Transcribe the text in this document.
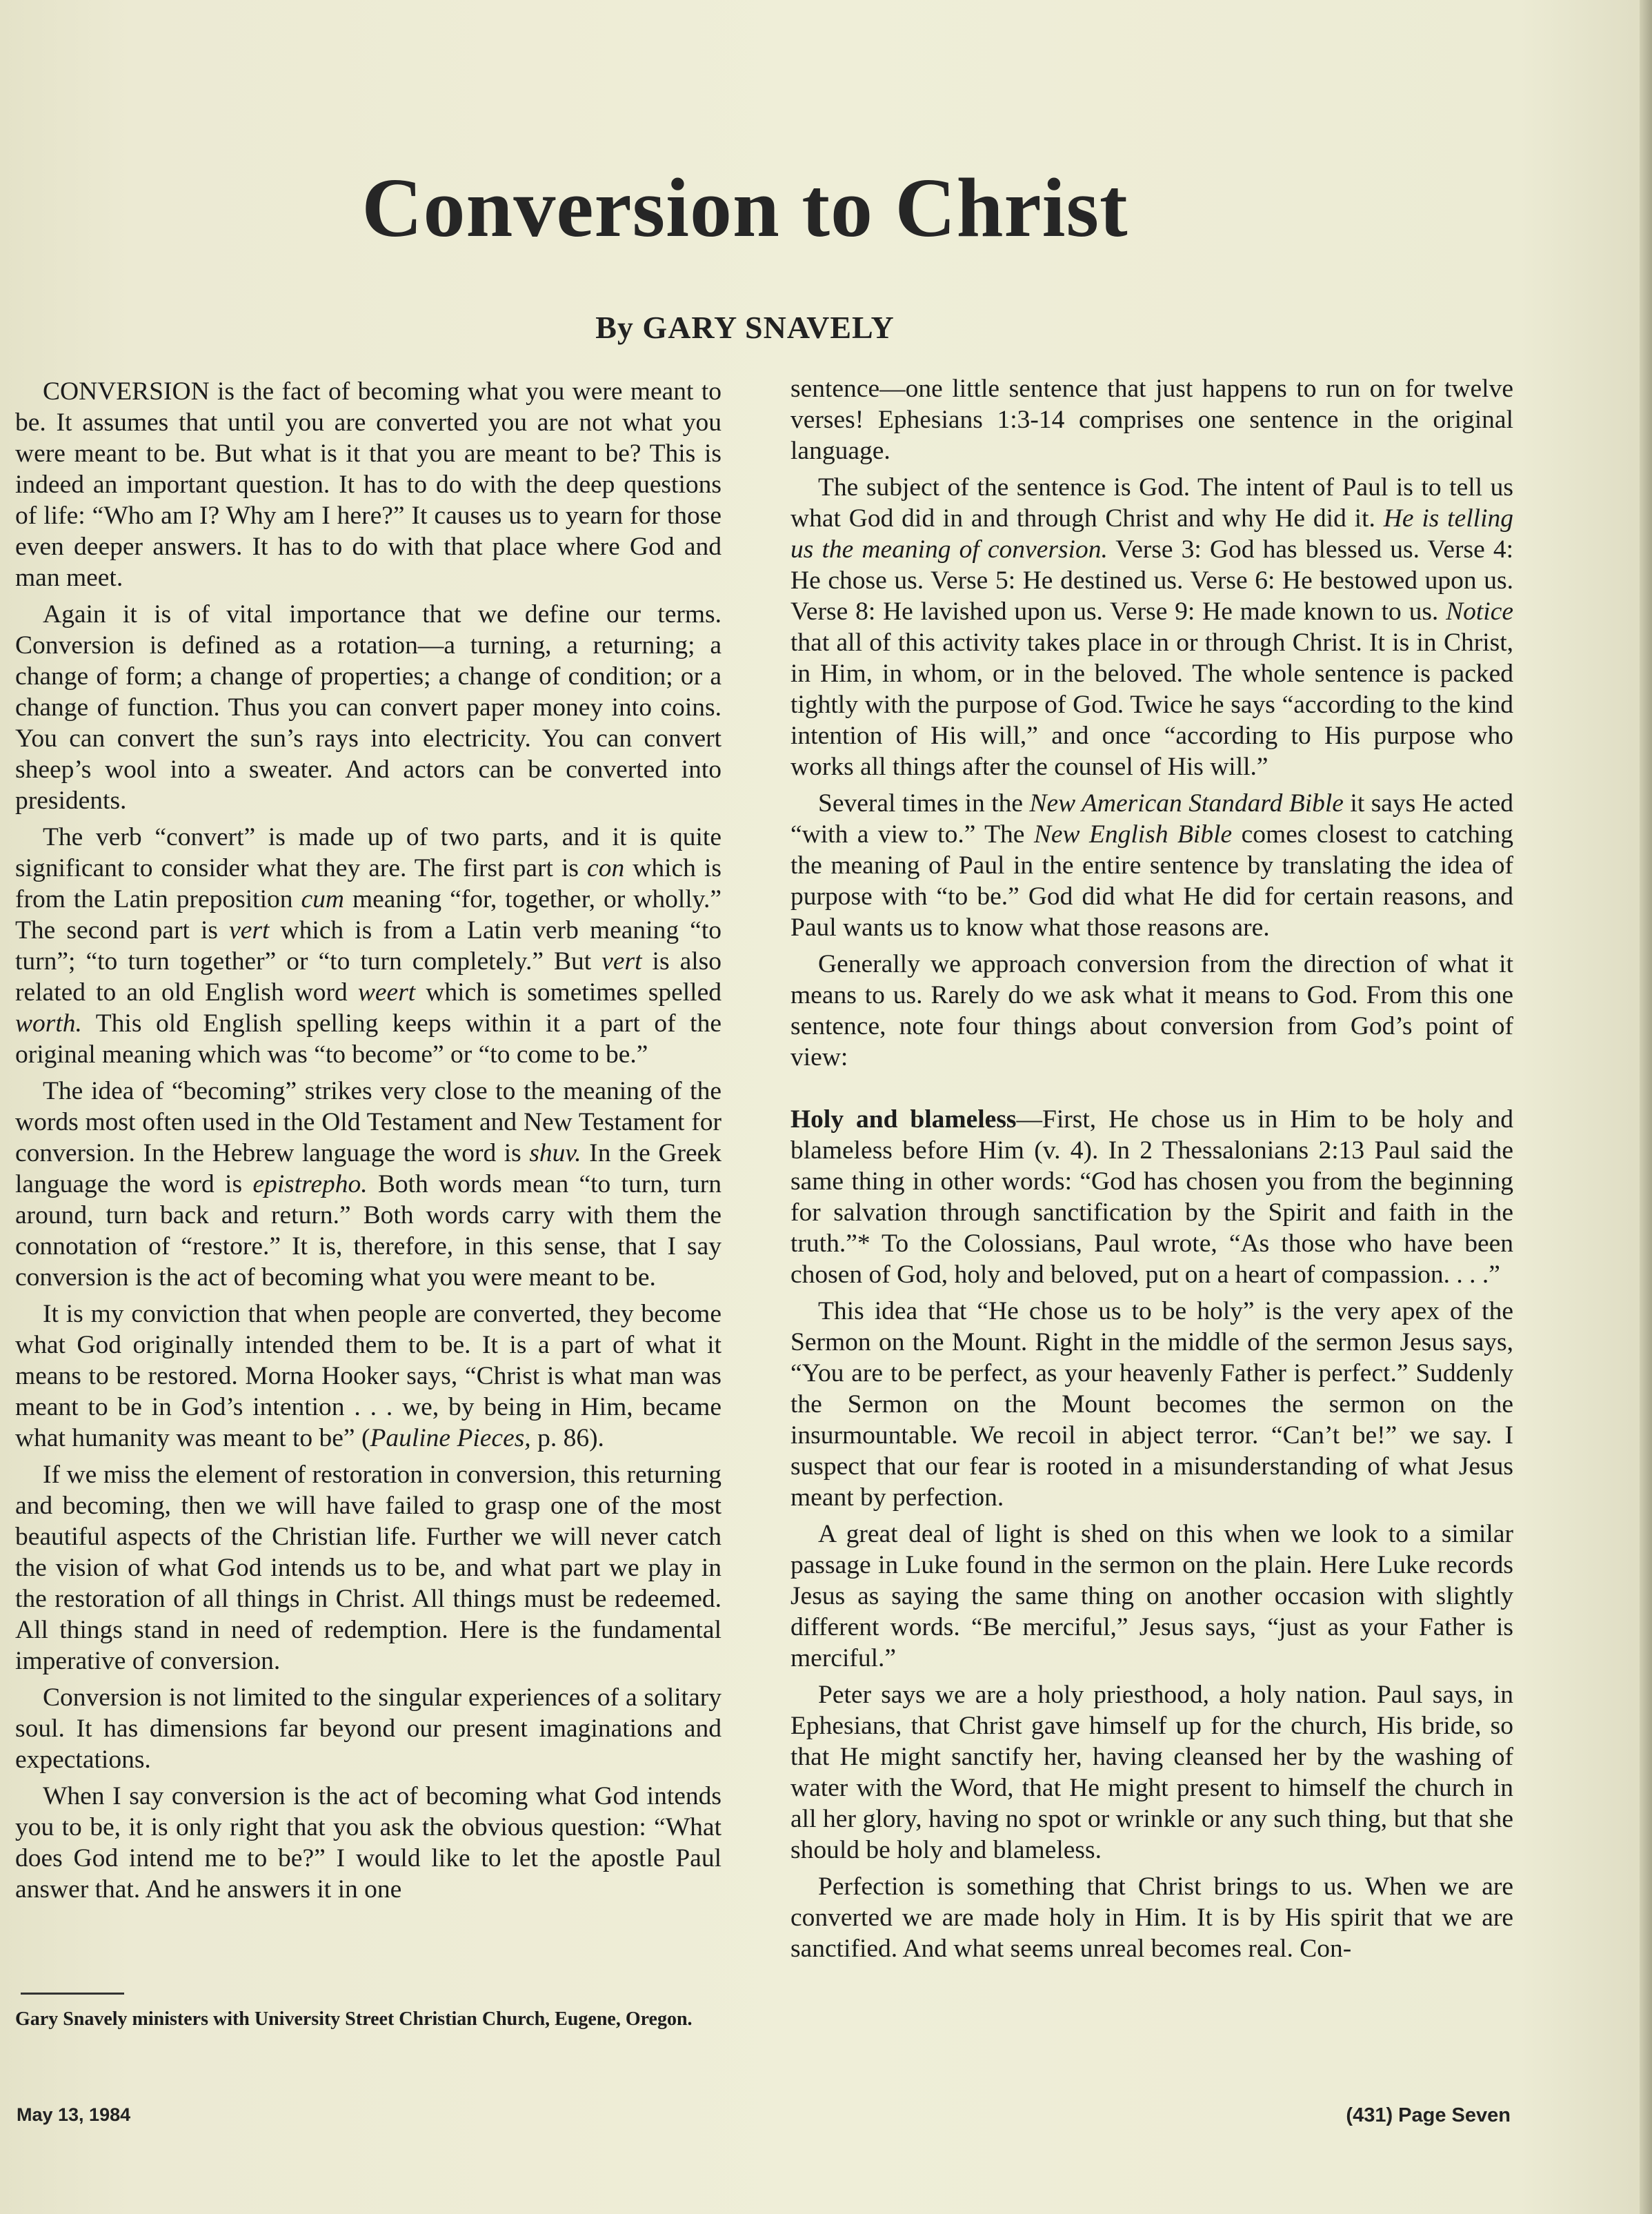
Conversion to Christ
By GARY SNAVELY

CONVERSION is the fact of becoming what you were meant to be. It assumes that until you are converted you are not what you were meant to be. But what is it that you are meant to be? This is indeed an important question. It has to do with the deep questions of life: “Who am I? Why am I here?” It causes us to yearn for those even deeper answers. It has to do with that place where God and man meet.

Again it is of vital importance that we define our terms. Conversion is defined as a rotation—a turning, a returning; a change of form; a change of properties; a change of condition; or a change of function. Thus you can convert paper money into coins. You can convert the sun’s rays into electricity. You can convert sheep’s wool into a sweater. And actors can be converted into presidents.

The verb “convert” is made up of two parts, and it is quite significant to consider what they are. The first part is con which is from the Latin preposition cum meaning “for, together, or wholly.” The second part is vert which is from a Latin verb meaning “to turn”; “to turn together” or “to turn completely.” But vert is also related to an old English word weert which is sometimes spelled worth. This old English spelling keeps within it a part of the original meaning which was “to become” or “to come to be.”

The idea of “becoming” strikes very close to the meaning of the words most often used in the Old Testament and New Testament for conversion. In the Hebrew language the word is shuv. In the Greek language the word is epistrepho. Both words mean “to turn, turn around, turn back and return.” Both words carry with them the connotation of “restore.” It is, therefore, in this sense, that I say conversion is the act of becoming what you were meant to be.

It is my conviction that when people are converted, they become what God originally intended them to be. It is a part of what it means to be restored. Morna Hooker says, “Christ is what man was meant to be in God’s intention . . . we, by being in Him, became what humanity was meant to be” (Pauline Pieces, p. 86).

If we miss the element of restoration in conversion, this returning and becoming, then we will have failed to grasp one of the most beautiful aspects of the Christian life. Further we will never catch the vision of what God intends us to be, and what part we play in the restoration of all things in Christ. All things must be redeemed. All things stand in need of redemption. Here is the fundamental imperative of conversion.

Conversion is not limited to the singular experiences of a solitary soul. It has dimensions far beyond our present imaginations and expectations.

When I say conversion is the act of becoming what God intends you to be, it is only right that you ask the obvious question: “What does God intend me to be?” I would like to let the apostle Paul answer that. And he answers it in one

sentence—one little sentence that just happens to run on for twelve verses! Ephesians 1:3-14 comprises one sentence in the original language.

The subject of the sentence is God. The intent of Paul is to tell us what God did in and through Christ and why He did it. He is telling us the meaning of conversion. Verse 3: God has blessed us. Verse 4: He chose us. Verse 5: He destined us. Verse 6: He bestowed upon us. Verse 8: He lavished upon us. Verse 9: He made known to us. Notice that all of this activity takes place in or through Christ. It is in Christ, in Him, in whom, or in the beloved. The whole sentence is packed tightly with the purpose of God. Twice he says “according to the kind intention of His will,” and once “according to His purpose who works all things after the counsel of His will.”

Several times in the New American Standard Bible it says He acted “with a view to.” The New English Bible comes closest to catching the meaning of Paul in the entire sentence by translating the idea of purpose with “to be.” God did what He did for certain reasons, and Paul wants us to know what those reasons are.

Generally we approach conversion from the direction of what it means to us. Rarely do we ask what it means to God. From this one sentence, note four things about conversion from God’s point of view:

Holy and blameless—First, He chose us in Him to be holy and blameless before Him (v. 4). In 2 Thessalonians 2:13 Paul said the same thing in other words: “God has chosen you from the beginning for salvation through sanctification by the Spirit and faith in the truth.”* To the Colossians, Paul wrote, “As those who have been chosen of God, holy and beloved, put on a heart of compassion. . . .”

This idea that “He chose us to be holy” is the very apex of the Sermon on the Mount. Right in the middle of the sermon Jesus says, “You are to be perfect, as your heavenly Father is perfect.” Suddenly the Sermon on the Mount becomes the sermon on the insurmountable. We recoil in abject terror. “Can’t be!” we say. I suspect that our fear is rooted in a misunderstanding of what Jesus meant by perfection.

A great deal of light is shed on this when we look to a similar passage in Luke found in the sermon on the plain. Here Luke records Jesus as saying the same thing on another occasion with slightly different words. “Be merciful,” Jesus says, “just as your Father is merciful.”

Peter says we are a holy priesthood, a holy nation. Paul says, in Ephesians, that Christ gave himself up for the church, His bride, so that He might sanctify her, having cleansed her by the washing of water with the Word, that He might present to himself the church in all her glory, having no spot or wrinkle or any such thing, but that she should be holy and blameless.

Perfection is something that Christ brings to us. When we are converted we are made holy in Him. It is by His spirit that we are sanctified. And what seems unreal becomes real. Con-

Gary Snavely ministers with University Street Christian Church, Eugene, Oregon.
May 13, 1984	(431) Page Seven
